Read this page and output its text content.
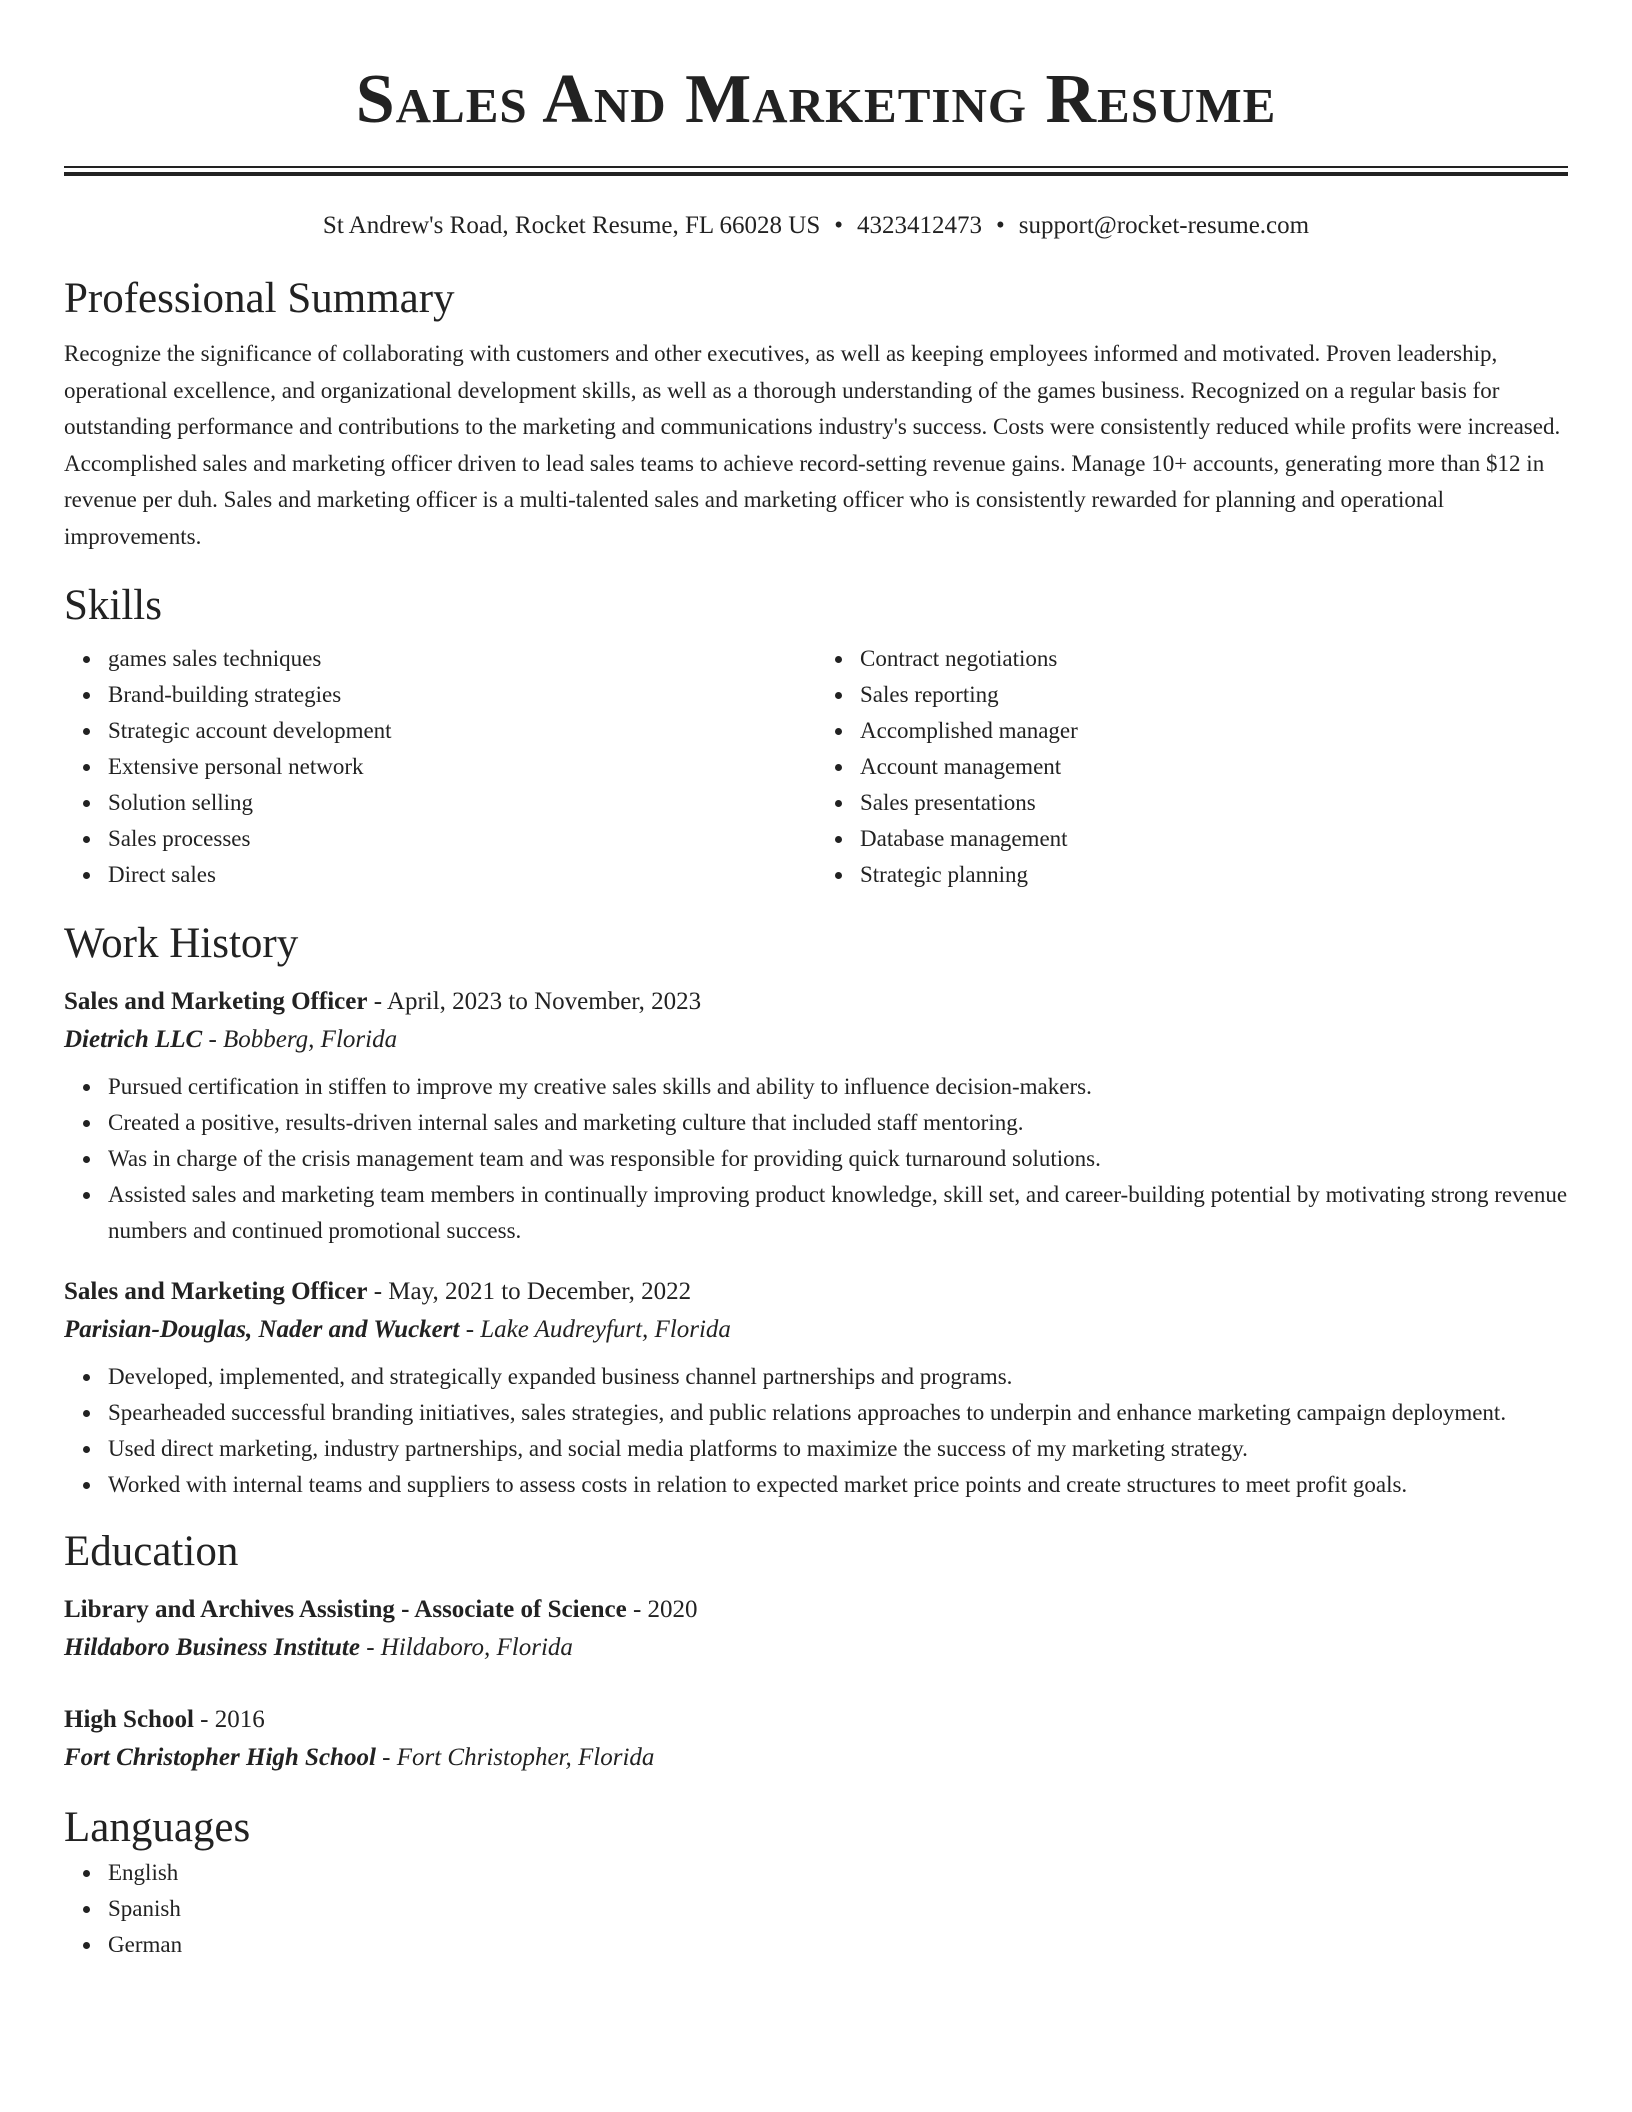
Sales And Marketing Resume
St Andrew's Road, Rocket Resume, FL 66028 US • 4323412473 • support@rocket-resume.com
Professional Summary

Recognize the significance of collaborating with customers and other executives, as well as keeping employees informed and motivated. Proven leadership, operational excellence, and organizational development skills, as well as a thorough understanding of the games business. Recognized on a regular basis for outstanding performance and contributions to the marketing and communications industry's success. Costs were consistently reduced while profits were increased. Accomplished sales and marketing officer driven to lead sales teams to achieve record-setting revenue gains. Manage 10+ accounts, generating more than $12 in revenue per duh. Sales and marketing officer is a multi-talented sales and marketing officer who is consistently rewarded for planning and operational improvements.

Skills
games sales techniques
Brand-building strategies
Strategic account development
Extensive personal network
Solution selling
Sales processes
Direct sales
Contract negotiations
Sales reporting
Accomplished manager
Account management
Sales presentations
Database management
Strategic planning
Work History
Sales and Marketing Officer - April, 2023 to November, 2023
Dietrich LLC - Bobberg, Florida
Pursued certification in stiffen to improve my creative sales skills and ability to influence decision-makers.
Created a positive, results-driven internal sales and marketing culture that included staff mentoring.
Was in charge of the crisis management team and was responsible for providing quick turnaround solutions.
Assisted sales and marketing team members in continually improving product knowledge, skill set, and career-building potential by motivating strong revenue numbers and continued promotional success.
Sales and Marketing Officer - May, 2021 to December, 2022
Parisian-Douglas, Nader and Wuckert - Lake Audreyfurt, Florida
Developed, implemented, and strategically expanded business channel partnerships and programs.
Spearheaded successful branding initiatives, sales strategies, and public relations approaches to underpin and enhance marketing campaign deployment.
Used direct marketing, industry partnerships, and social media platforms to maximize the success of my marketing strategy.
Worked with internal teams and suppliers to assess costs in relation to expected market price points and create structures to meet profit goals.
Education
Library and Archives Assisting - Associate of Science - 2020
Hildaboro Business Institute - Hildaboro, Florida
High School - 2016
Fort Christopher High School - Fort Christopher, Florida
Languages
English
Spanish
German
